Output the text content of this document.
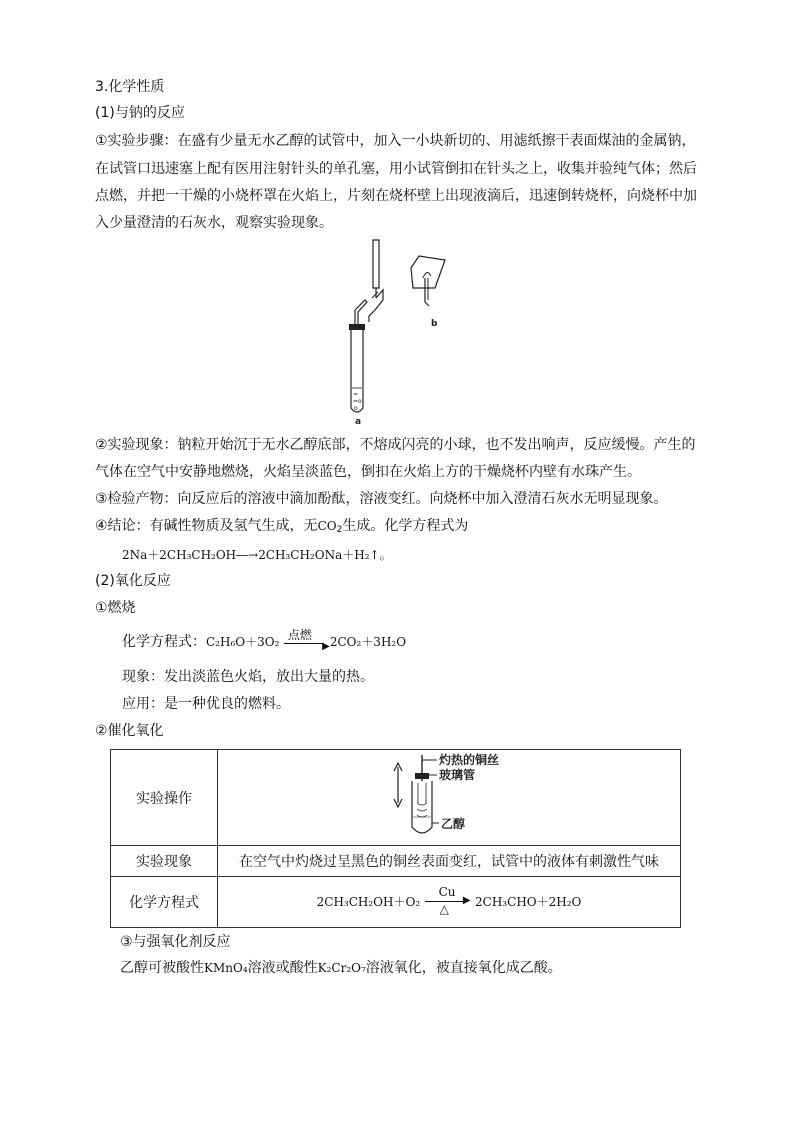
3.化学性质
(1)与钠的反应
①实验步骤：在盛有少量无水乙醇的试管中，加入一小块新切的、用滤纸擦干表面煤油的金属钠，
在试管口迅速塞上配有医用注射针头的单孔塞，用小试管倒扣在针头之上，收集并验纯气体；然后
点燃，并把一干燥的小烧杯罩在火焰上，片刻在烧杯壁上出现液滴后，迅速倒转烧杯，向烧杯中加
入少量澄清的石灰水，观察实验现象。
=
=o
o
a
b
②实验现象：钠粒开始沉于无水乙醇底部，不熔成闪亮的小球，也不发出响声，反应缓慢。产生的
气体在空气中安静地燃烧，火焰呈淡蓝色，倒扣在火焰上方的干燥烧杯内壁有水珠产生。
③检验产物：向反应后的溶液中滴加酚酞，溶液变红。向烧杯中加入澄清石灰水无明显现象。
④结论：有碱性物质及氢气生成，无$CO_2$生成。化学方程式为
2Na＋2CH₃CH₂OH―→2CH₃CH₂ONa＋H₂↑。
(2)氧化反应
①燃烧
化学方程式：C₂H₆O＋3O₂ 点燃
▶ 2CO₂＋3H₂O
现象：发出淡蓝色火焰，放出大量的热。
应用：是一种优良的燃料。
②催化氧化
实验操作	灼热的铜丝
玻璃管
乙醇

实验现象	在空气中灼烧过呈黑色的铜丝表面变红，试管中的液体有刺激性气味
化学方程式	2CH₃CH₂OH＋O₂
Cu
▶
△ 2CH₃CHO＋2H₂O
③与强氧化剂反应
乙醇可被酸性KMnO₄溶液或酸性K₂Cr₂O₇溶液氧化，被直接氧化成乙酸。
